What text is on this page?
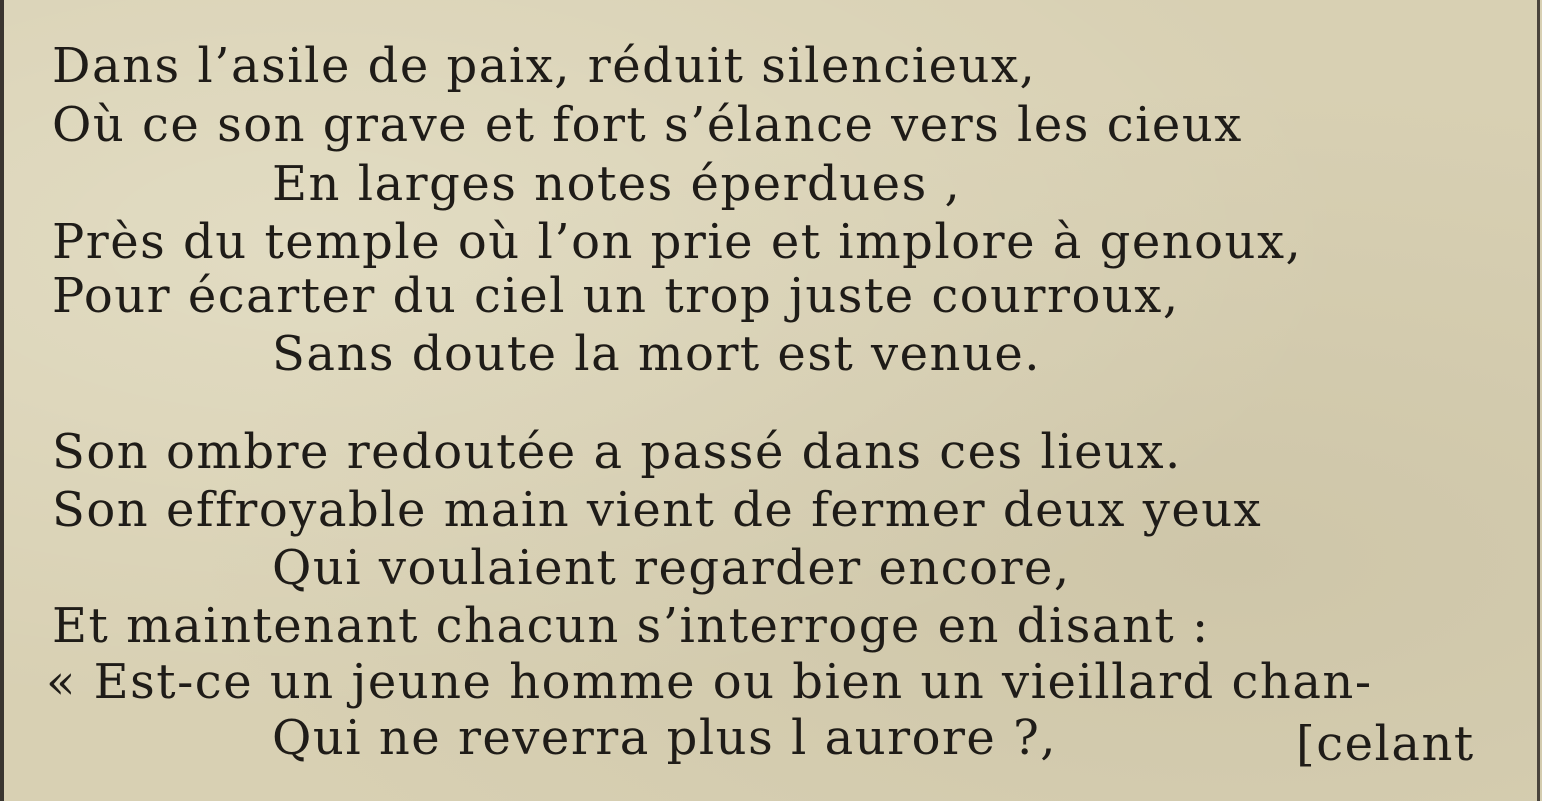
Dans l’asile de paix, réduit silencieux,
Où ce son grave et fort s’élance vers les cieux
En larges notes éperdues ,
Près du temple où l’on prie et implore à genoux,
Pour écarter du ciel un trop juste courroux,
Sans doute la mort est venue.
Son ombre redoutée a passé dans ces lieux.
Son effroyable main vient de fermer deux yeux
Qui voulaient regarder encore,
Et maintenant chacun s’interroge en disant :
« Est-ce un jeune homme ou bien un vieillard chan-
Qui ne reverra plus l aurore ?,	[celant
